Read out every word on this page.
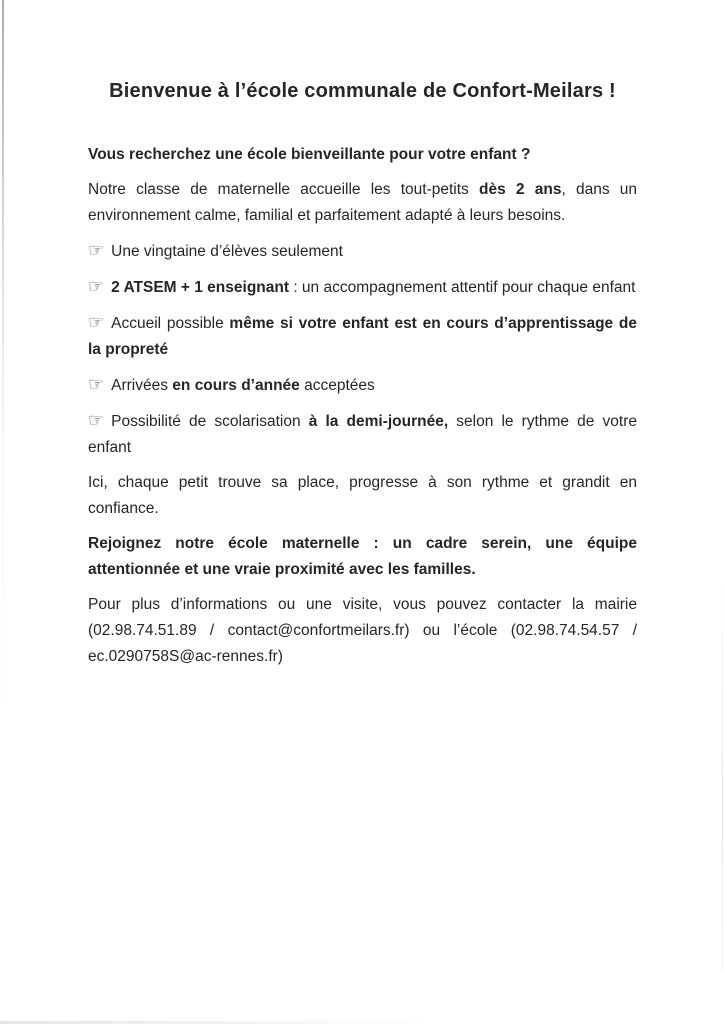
Bienvenue à l’école communale de Confort-Meilars !

Vous recherchez une école bienveillante pour votre enfant ?

Notre classe de maternelle accueille les tout-petits dès 2 ans, dans un environnement calme, familial et parfaitement adapté à leurs besoins.

☞ Une vingtaine d’élèves seulement

☞ 2 ATSEM + 1 enseignant : un accompagnement attentif pour chaque enfant

☞ Accueil possible même si votre enfant est en cours d’apprentissage de la propreté

☞ Arrivées en cours d’année acceptées

☞ Possibilité de scolarisation à la demi-journée, selon le rythme de votre enfant

Ici, chaque petit trouve sa place, progresse à son rythme et grandit en confiance.

Rejoignez notre école maternelle : un cadre serein, une équipe attentionnée et une vraie proximité avec les familles.

Pour plus d’informations ou une visite, vous pouvez contacter la mairie (02.98.74.51.89 / contact@confortmeilars.fr) ou l’école (02.98.74.54.57 / ec.0290758S@ac-rennes.fr)
